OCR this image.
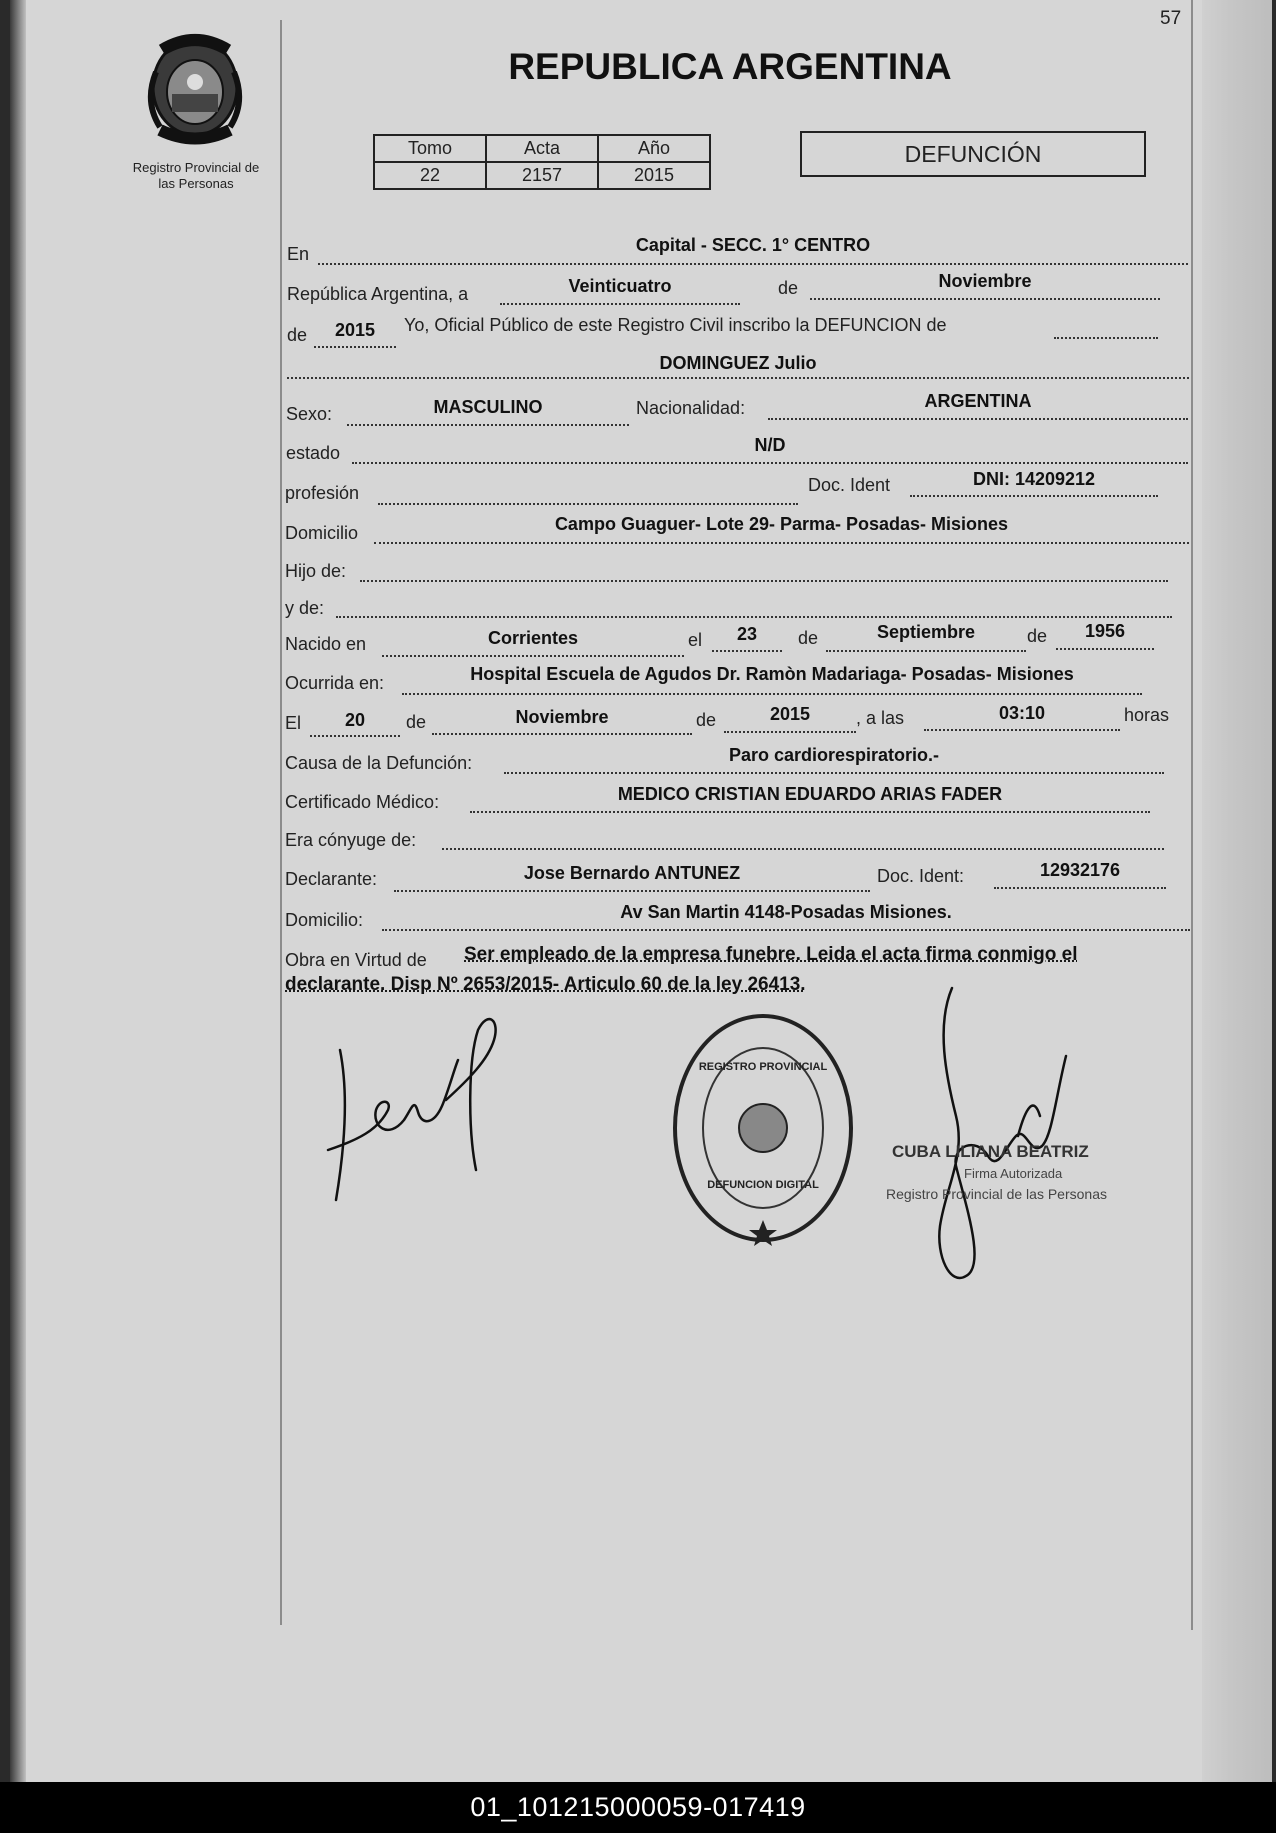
57
Registro Provincial de
las Personas
REPUBLICA ARGENTINA
Tomo	Acta	Año
22	2157	2015
DEFUNCIÓN
En	Capital - SECC. 1° CENTRO
República Argentina, a	Veinticuatro	de	Noviembre
de	2015	Yo, Oficial Público de este Registro Civil inscribo la DEFUNCION de
DOMINGUEZ Julio
Sexo:	MASCULINO	Nacionalidad:	ARGENTINA
estado	N/D
profesión	Doc. Ident	DNI: 14209212
Domicilio	Campo Guaguer- Lote 29- Parma- Posadas- Misiones
Hijo de:
y de:
Nacido en	Corrientes	el	23	de	Septiembre	de	1956
Ocurrida en:	Hospital Escuela de Agudos Dr. Ramòn Madariaga- Posadas- Misiones
El	20	de	Noviembre	de	2015	, a las	03:10	horas
Causa de la Defunción:	Paro cardiorespiratorio.-
Certificado Médico:	MEDICO CRISTIAN EDUARDO ARIAS FADER
Era cónyuge de:
Declarante:	Jose Bernardo ANTUNEZ	Doc. Ident:	12932176
Domicilio:	Av San Martin 4148-Posadas Misiones.
Obra en Virtud de Ser empleado de la empresa funebre. Leida el acta firma conmigo el
declarante. Disp Nº 2653/2015- Articulo 60 de la ley 26413.
REGISTRO PROVINCIAL
DEFUNCION DIGITAL
CUBA LILIANA BEATRIZ
Firma Autorizada
Registro Provincial de las Personas
01_101215000059-017419
